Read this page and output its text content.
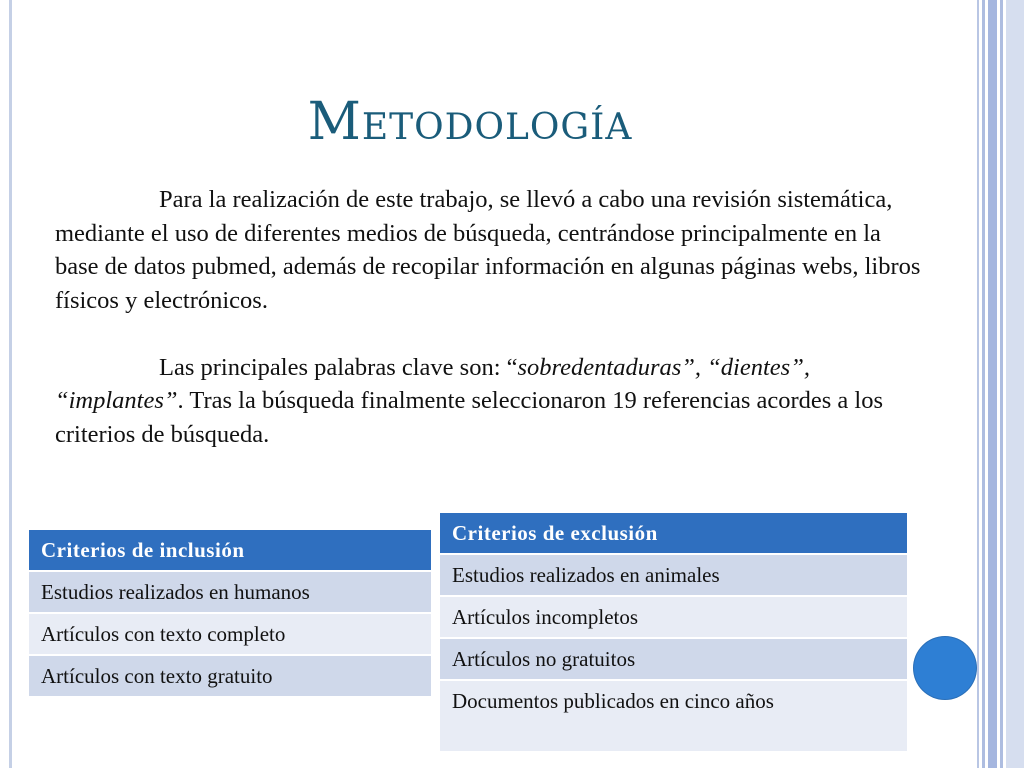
Metodología

Para la realización de este trabajo, se llevó a cabo una revisión sistemática, mediante el uso de diferentes medios de búsqueda, centrándose principalmente en la base de datos pubmed, además de recopilar información en algunas páginas webs, libros físicos y electrónicos.

Las principales palabras clave son: “sobredentaduras”, “dientes”, “implantes”. Tras la búsqueda finalmente seleccionaron 19 referencias acordes a los criterios de búsqueda.

Criterios de inclusión
Estudios realizados en humanos
Artículos con texto completo
Artículos con texto gratuito
Criterios de exclusión
Estudios realizados en animales
Artículos incompletos
Artículos no gratuitos
Documentos publicados en cinco años
